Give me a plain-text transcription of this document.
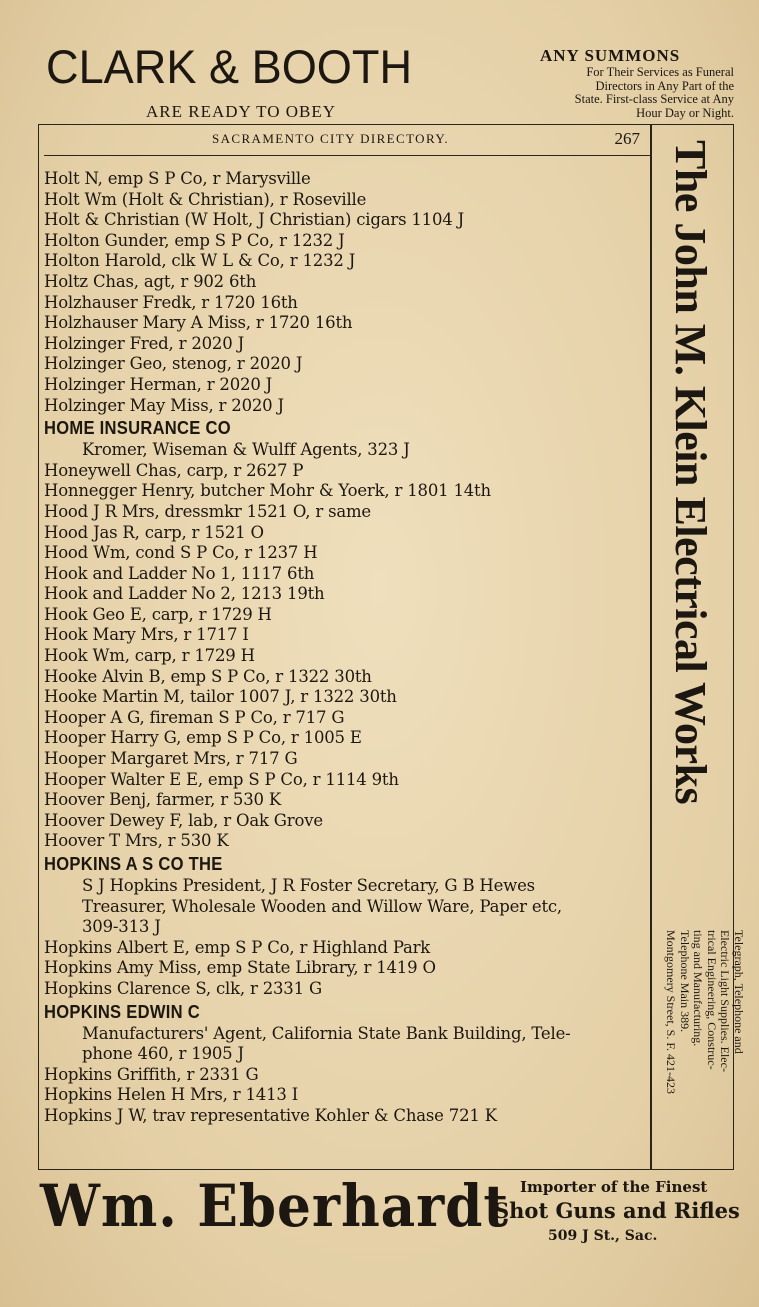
CLARK & BOOTH
ARE READY TO OBEY
ANY SUMMONS
For Their Services as Funeral
Directors in Any Part of the
State. First-class Service at Any
Hour Day or Night.
SACRAMENTO CITY DIRECTORY.	267
Holt N, emp S P Co, r Marysville
Holt Wm (Holt & Christian), r Roseville
Holt & Christian (W Holt, J Christian) cigars 1104 J
Holton Gunder, emp S P Co, r 1232 J
Holton Harold, clk W L & Co, r 1232 J
Holtz Chas, agt, r 902 6th
Holzhauser Fredk, r 1720 16th
Holzhauser Mary A Miss, r 1720 16th
Holzinger Fred, r 2020 J
Holzinger Geo, stenog, r 2020 J
Holzinger Herman, r 2020 J
Holzinger May Miss, r 2020 J
HOME INSURANCE CO
Kromer, Wiseman & Wulff Agents, 323 J
Honeywell Chas, carp, r 2627 P
Honnegger Henry, butcher Mohr & Yoerk, r 1801 14th
Hood J R Mrs, dressmkr 1521 O, r same
Hood Jas R, carp, r 1521 O
Hood Wm, cond S P Co, r 1237 H
Hook and Ladder No 1, 1117 6th
Hook and Ladder No 2, 1213 19th
Hook Geo E, carp, r 1729 H
Hook Mary Mrs, r 1717 I
Hook Wm, carp, r 1729 H
Hooke Alvin B, emp S P Co, r 1322 30th
Hooke Martin M, tailor 1007 J, r 1322 30th
Hooper A G, fireman S P Co, r 717 G
Hooper Harry G, emp S P Co, r 1005 E
Hooper Margaret Mrs, r 717 G
Hooper Walter E E, emp S P Co, r 1114 9th
Hoover Benj, farmer, r 530 K
Hoover Dewey F, lab, r Oak Grove
Hoover T Mrs, r 530 K
HOPKINS A S CO THE
S J Hopkins President, J R Foster Secretary, G B Hewes
Treasurer, Wholesale Wooden and Willow Ware, Paper etc,
309-313 J
Hopkins Albert E, emp S P Co, r Highland Park
Hopkins Amy Miss, emp State Library, r 1419 O
Hopkins Clarence S, clk, r 2331 G
HOPKINS EDWIN C
Manufacturers' Agent, California State Bank Building, Tele-
phone 460, r 1905 J
Hopkins Griffith, r 2331 G
Hopkins Helen H Mrs, r 1413 I
Hopkins J W, trav representative Kohler & Chase 721 K
The John M. Klein Electrical Works
Telegraph, Telephone and
Electric Light Supplies. Elec-
trical Engineering, Construc-
ting and Manufacturing.
Telephone Main 389.
Montgomery Street, S. F. 421-423
Wm. Eberhardt Importer of the Finest
Shot Guns and Rifles
509 J St., Sac.
